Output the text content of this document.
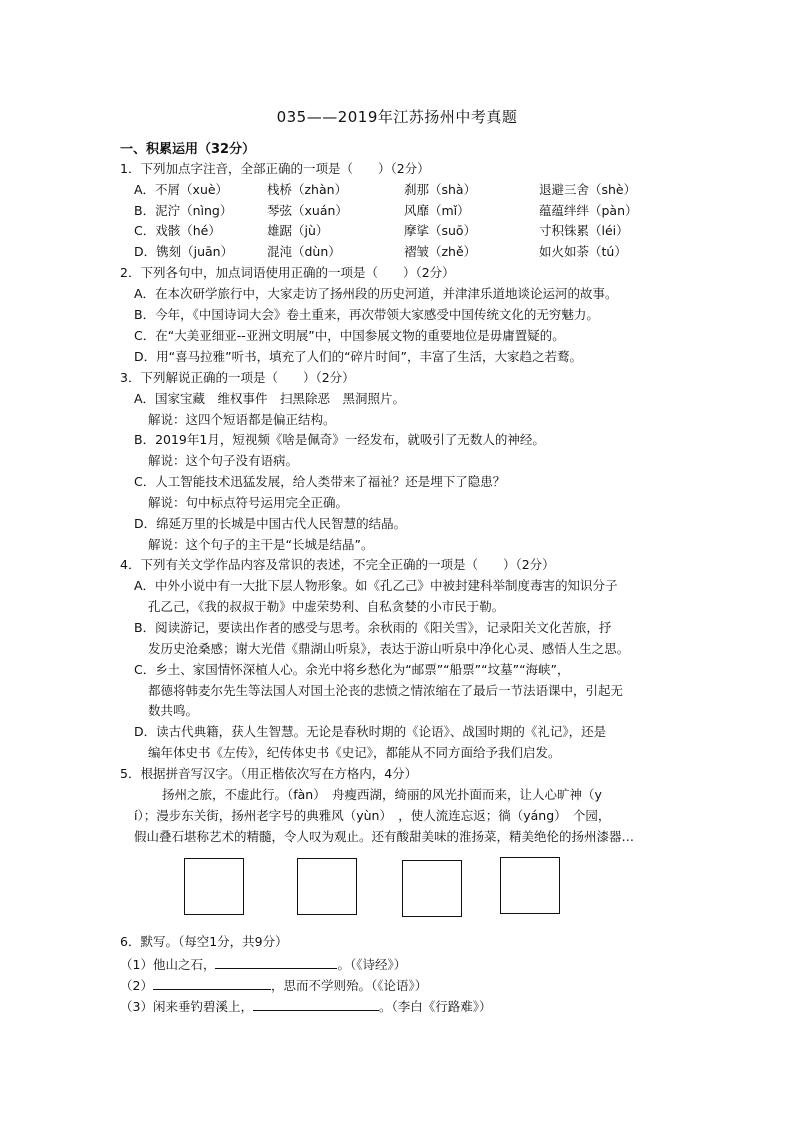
035——2019年江苏扬州中考真题
一、积累运用（32分）
1．下列加点字注音，全部正确的一项是（　　）（2分）
A．不屑（xuè）	栈桥（zhàn）	刹那（shà）	退避三舍（shè）
B．泥泞（nìng）	琴弦（xuán）	风靡（mǐ）	蕴蕴绊绊（pàn）
C．戏骸（hé）	雄踞（jù）	摩挲（suō）	寸积铢累（léi）
D．镌刻（juān）	混沌（dùn）	褶皱（zhě）	如火如荼（tú）
2．下列各句中，加点词语使用正确的一项是（　　）（2分）
A．在本次研学旅行中，大家走访了扬州段的历史河道，并津津乐道地谈论运河的故事。
B．今年，《中国诗词大会》卷土重来，再次带领大家感受中国传统文化的无穷魅力。
C．在“大美亚细亚--亚洲文明展”中，中国参展文物的重要地位是毋庸置疑的。
D．用“喜马拉雅”听书，填充了人们的“碎片时间”，丰富了生活，大家趋之若鹜。
3．下列解说正确的一项是（　　）（2分）
A．国家宝藏　维权事件　扫黑除恶　黑洞照片。
解说：这四个短语都是偏正结构。
B．2019年1月，短视频《啥是佩奇》一经发布，就吸引了无数人的神经。
解说：这个句子没有语病。
C．人工智能技术迅猛发展，给人类带来了福祉？还是埋下了隐患？
解说：句中标点符号运用完全正确。
D．绵延万里的长城是中国古代人民智慧的结晶。
解说：这个句子的主干是“长城是结晶”。
4．下列有关文学作品内容及常识的表述，不完全正确的一项是（　　）（2分）
A．中外小说中有一大批下层人物形象。如《孔乙己》中被封建科举制度毒害的知识分子
孔乙己，《我的叔叔于勒》中虚荣势利、自私贪婪的小市民于勒。
B．阅读游记，要读出作者的感受与思考。余秋雨的《阳关雪》，记录阳关文化苦旅，抒
发历史沧桑感；谢大光借《鼎湖山听泉》，表达于游山听泉中净化心灵、感悟人生之思。
C．乡土、家国情怀深植人心。余光中将乡愁化为“邮票”“船票”“坟墓”“海峡”，
都德将韩麦尔先生等法国人对国土沦丧的悲愤之情浓缩在了最后一节法语课中，引起无
数共鸣。
D．读古代典籍，获人生智慧。无论是春秋时期的《论语》、战国时期的《礼记》，还是
编年体史书《左传》，纪传体史书《史记》，都能从不同方面给予我们启发。
5．根据拼音写汉字。（用正楷依次写在方格内，4分）
扬州之旅，不虚此行。（fàn）　舟瘦西湖，绮丽的风光扑面而来，让人心旷神（y
í）；漫步东关街，扬州老字号的典雅风（yùn）　，使人流连忘返；徜（yáng）　个园，
假山叠石堪称艺术的精髓，令人叹为观止。还有酸甜美味的淮扬菜，精美绝伦的扬州漆器…
6．默写。（每空1分，共9分）
（1）他山之石，	。（《诗经》）
（2）	，思而不学则殆。（《论语》）
（3）闲来垂钓碧溪上，	。（李白《行路难》）
